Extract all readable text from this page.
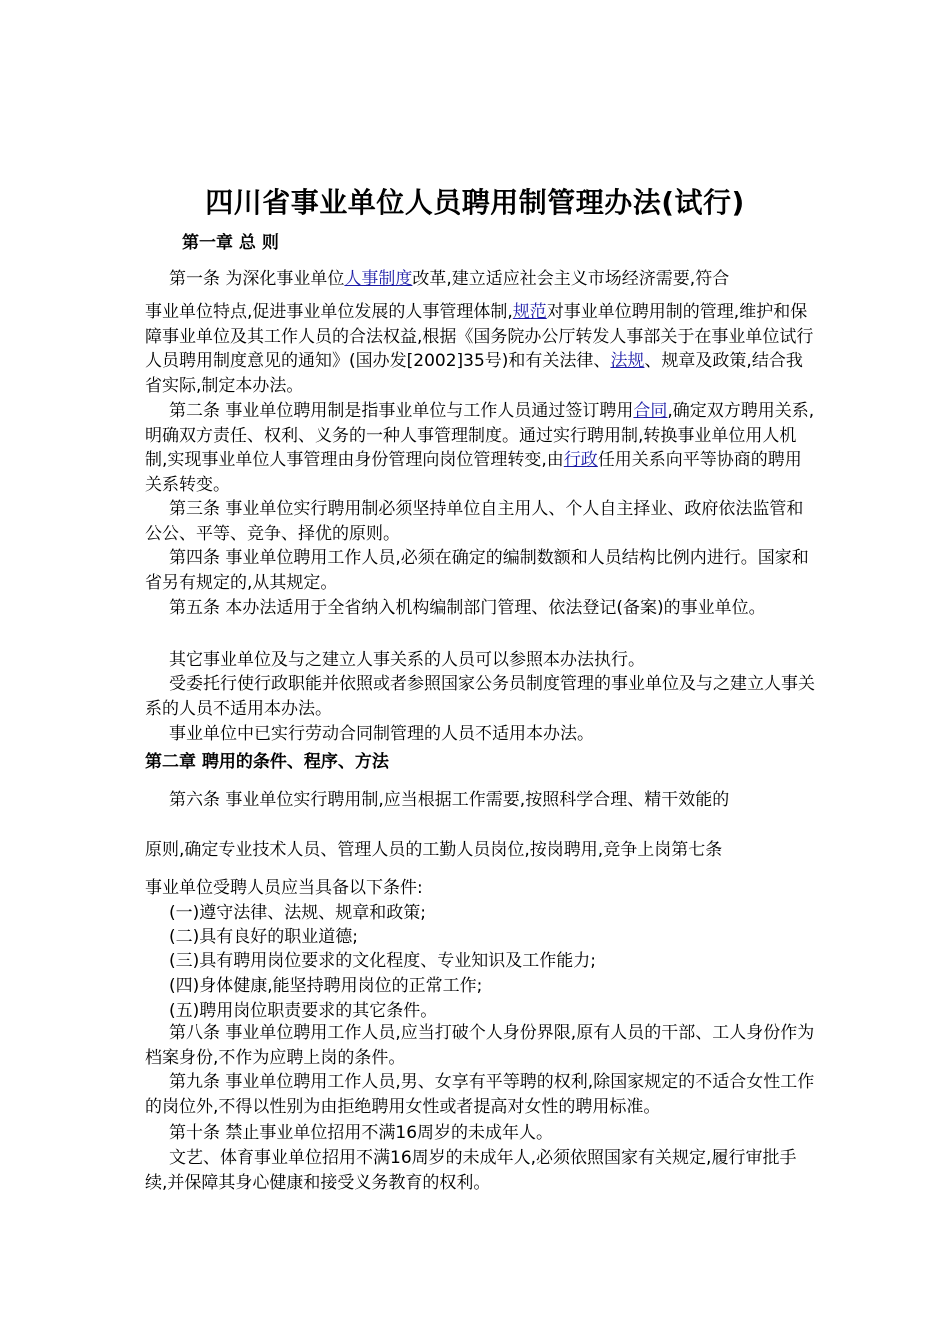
四川省事业单位人员聘用制管理办法(试行)
第一章 总 则
第一条 为深化事业单位人事制度改革,建立适应社会主义市场经济需要,符合
事业单位特点,促进事业单位发展的人事管理体制,规范对事业单位聘用制的管理,维护和保障事业单位及其工作人员的合法权益,根据《国务院办公厅转发人事部关于在事业单位试行人员聘用制度意见的通知》(国办发[2002]35号)和有关法律、法规、规章及政策,结合我省实际,制定本办法。
第二条 事业单位聘用制是指事业单位与工作人员通过签订聘用合同,确定双方聘用关系,明确双方责任、权利、义务的一种人事管理制度。通过实行聘用制,转换事业单位用人机制,实现事业单位人事管理由身份管理向岗位管理转变,由行政任用关系向平等协商的聘用关系转变。
第三条 事业单位实行聘用制必须坚持单位自主用人、个人自主择业、政府依法监管和公公、平等、竞争、择优的原则。
第四条 事业单位聘用工作人员,必须在确定的编制数额和人员结构比例内进行。国家和省另有规定的,从其规定。
第五条 本办法适用于全省纳入机构编制部门管理、依法登记(备案)的事业单位。
其它事业单位及与之建立人事关系的人员可以参照本办法执行。
受委托行使行政职能并依照或者参照国家公务员制度管理的事业单位及与之建立人事关系的人员不适用本办法。
事业单位中已实行劳动合同制管理的人员不适用本办法。
第二章 聘用的条件、程序、方法
第六条 事业单位实行聘用制,应当根据工作需要,按照科学合理、精干效能的
原则,确定专业技术人员、管理人员的工勤人员岗位,按岗聘用,竞争上岗第七条
事业单位受聘人员应当具备以下条件:
(一)遵守法律、法规、规章和政策;
(二)具有良好的职业道德;
(三)具有聘用岗位要求的文化程度、专业知识及工作能力;
(四)身体健康,能坚持聘用岗位的正常工作;
(五)聘用岗位职责要求的其它条件。
第八条 事业单位聘用工作人员,应当打破个人身份界限,原有人员的干部、工人身份作为档案身份,不作为应聘上岗的条件。
第九条 事业单位聘用工作人员,男、女享有平等聘的权利,除国家规定的不适合女性工作的岗位外,不得以性别为由拒绝聘用女性或者提高对女性的聘用标准。
第十条 禁止事业单位招用不满16周岁的未成年人。
文艺、体育事业单位招用不满16周岁的未成年人,必须依照国家有关规定,履行审批手续,并保障其身心健康和接受义务教育的权利。
